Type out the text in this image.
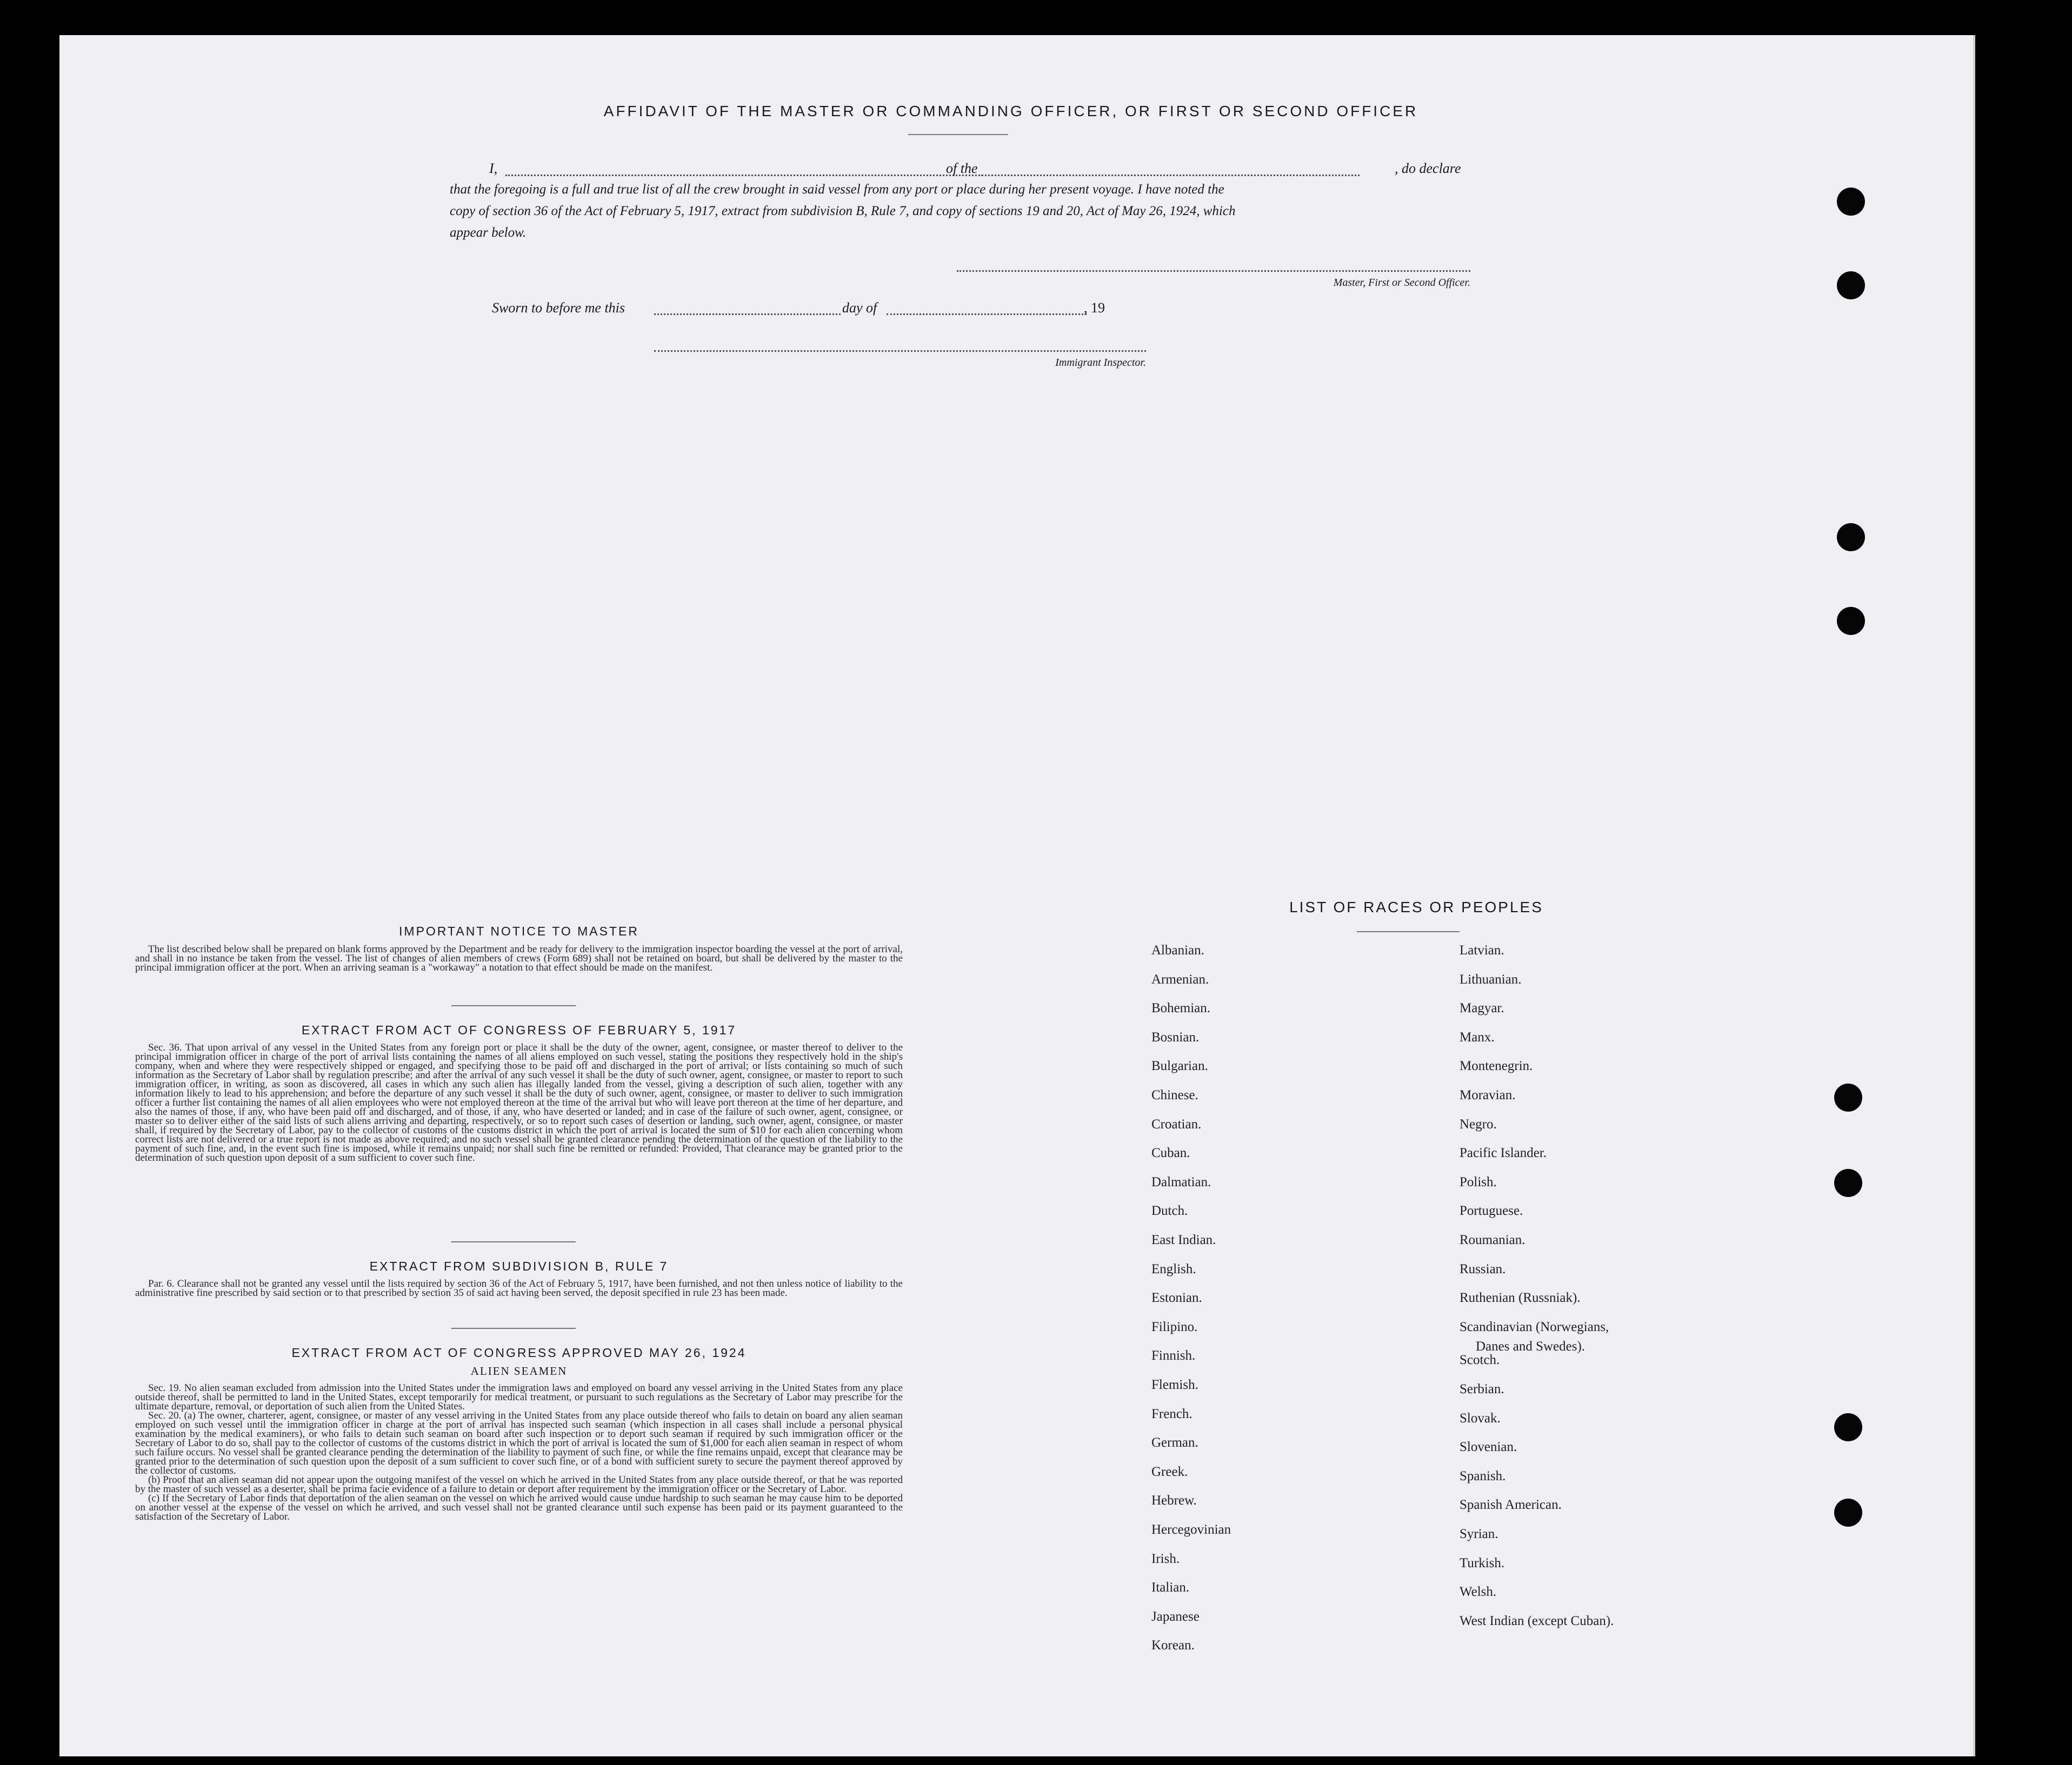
AFFIDAVIT OF THE MASTER OR COMMANDING OFFICER, OR FIRST OR SECOND OFFICER
I,	of the	, do declare
that the foregoing is a full and true list of all the crew brought in said vessel from any port or place during her present voyage. I have noted the
copy of section 36 of the Act of February 5, 1917, extract from subdivision B, Rule 7, and copy of sections 19 and 20, Act of May 26, 1924, which
appear below.
Master, First or Second Officer.
Sworn to before me this	day of	, 19
Immigrant Inspector.
IMPORTANT NOTICE TO MASTER

The list described below shall be prepared on blank forms approved by the Department and be ready for delivery to the immigration inspector boarding the vessel at the port of arrival, and shall in no instance be taken from the vessel. The list of changes of alien members of crews (Form 689) shall not be retained on board, but shall be delivered by the master to the principal immigration officer at the port. When an arriving seaman is a "workaway" a notation to that effect should be made on the manifest.

EXTRACT FROM ACT OF CONGRESS OF FEBRUARY 5, 1917

Sec. 36. That upon arrival of any vessel in the United States from any foreign port or place it shall be the duty of the owner, agent, consignee, or master thereof to deliver to the principal immigration officer in charge of the port of arrival lists containing the names of all aliens employed on such vessel, stating the positions they respectively hold in the ship's company, when and where they were respectively shipped or engaged, and specifying those to be paid off and discharged in the port of arrival; or lists containing so much of such information as the Secretary of Labor shall by regulation prescribe; and after the arrival of any such vessel it shall be the duty of such owner, agent, consignee, or master to report to such immigration officer, in writing, as soon as discovered, all cases in which any such alien has illegally landed from the vessel, giving a description of such alien, together with any information likely to lead to his apprehension; and before the departure of any such vessel it shall be the duty of such owner, agent, consignee, or master to deliver to such immigration officer a further list containing the names of all alien employees who were not employed thereon at the time of the arrival but who will leave port thereon at the time of her departure, and also the names of those, if any, who have been paid off and discharged, and of those, if any, who have deserted or landed; and in case of the failure of such owner, agent, consignee, or master so to deliver either of the said lists of such aliens arriving and departing, respectively, or so to report such cases of desertion or landing, such owner, agent, consignee, or master shall, if required by the Secretary of Labor, pay to the collector of customs of the customs district in which the port of arrival is located the sum of $10 for each alien concerning whom correct lists are not delivered or a true report is not made as above required; and no such vessel shall be granted clearance pending the determination of the question of the liability to the payment of such fine, and, in the event such fine is imposed, while it remains unpaid; nor shall such fine be remitted or refunded: Provided, That clearance may be granted prior to the determination of such question upon deposit of a sum sufficient to cover such fine.

EXTRACT FROM SUBDIVISION B, RULE 7

Par. 6. Clearance shall not be granted any vessel until the lists required by section 36 of the Act of February 5, 1917, have been furnished, and not then unless notice of liability to the administrative fine prescribed by said section or to that prescribed by section 35 of said act having been served, the deposit specified in rule 23 has been made.

EXTRACT FROM ACT OF CONGRESS APPROVED MAY 26, 1924
ALIEN SEAMEN

Sec. 19. No alien seaman excluded from admission into the United States under the immigration laws and employed on board any vessel arriving in the United States from any place outside thereof, shall be permitted to land in the United States, except temporarily for medical treatment, or pursuant to such regulations as the Secretary of Labor may prescribe for the ultimate departure, removal, or deportation of such alien from the United States.

Sec. 20. (a) The owner, charterer, agent, consignee, or master of any vessel arriving in the United States from any place outside thereof who fails to detain on board any alien seaman employed on such vessel until the immigration officer in charge at the port of arrival has inspected such seaman (which inspection in all cases shall include a personal physical examination by the medical examiners), or who fails to detain such seaman on board after such inspection or to deport such seaman if required by such immigration officer or the Secretary of Labor to do so, shall pay to the collector of customs of the customs district in which the port of arrival is located the sum of $1,000 for each alien seaman in respect of whom such failure occurs. No vessel shall be granted clearance pending the determination of the liability to payment of such fine, or while the fine remains unpaid, except that clearance may be granted prior to the determination of such question upon the deposit of a sum sufficient to cover such fine, or of a bond with sufficient surety to secure the payment thereof approved by the collector of customs.

(b) Proof that an alien seaman did not appear upon the outgoing manifest of the vessel on which he arrived in the United States from any place outside thereof, or that he was reported by the master of such vessel as a deserter, shall be prima facie evidence of a failure to detain or deport after requirement by the immigration officer or the Secretary of Labor.

(c) If the Secretary of Labor finds that deportation of the alien seaman on the vessel on which he arrived would cause undue hardship to such seaman he may cause him to be deported on another vessel at the expense of the vessel on which he arrived, and such vessel shall not be granted clearance until such expense has been paid or its payment guaranteed to the satisfaction of the Secretary of Labor.

LIST OF RACES OR PEOPLES
Albanian.
Armenian.
Bohemian.
Bosnian.
Bulgarian.
Chinese.
Croatian.
Cuban.
Dalmatian.
Dutch.
East Indian.
English.
Estonian.
Filipino.
Finnish.
Flemish.
French.
German.
Greek.
Hebrew.
Hercegovinian
Irish.
Italian.
Japanese
Korean.
Latvian.
Lithuanian.
Magyar.
Manx.
Montenegrin.
Moravian.
Negro.
Pacific Islander.
Polish.
Portuguese.
Roumanian.
Russian.
Ruthenian (Russniak).
Scandinavian (Norwegians,
Danes and Swedes).
Scotch.
Serbian.
Slovak.
Slovenian.
Spanish.
Spanish American.
Syrian.
Turkish.
Welsh.
West Indian (except Cuban).
